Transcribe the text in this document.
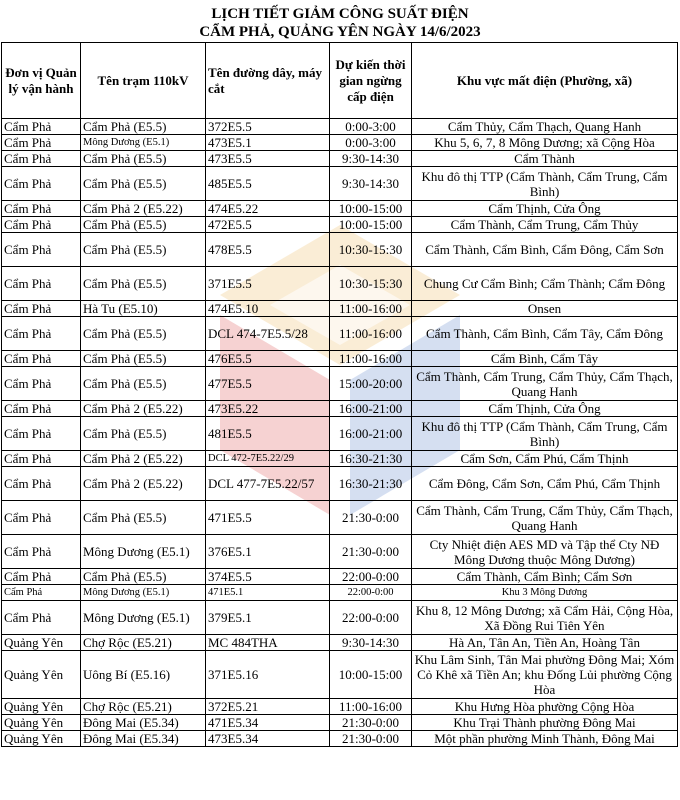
LỊCH TIẾT GIẢM CÔNG SUẤT ĐIỆN
CẨM PHẢ, QUẢNG YÊN NGÀY 14/6/2023
Đơn vị Quản lý vận hành	Tên trạm 110kV	Tên đường dây, máy cắt	Dự kiến thời gian ngừng cấp điện	Khu vực mất điện (Phường, xã)
Cẩm Phả	Cẩm Phả (E5.5)	372E5.5	0:00-3:00	Cẩm Thủy, Cẩm Thạch, Quang Hanh
Cẩm Phả	Mông Dương (E5.1)	473E5.1	0:00-3:00	Khu 5, 6, 7, 8 Mông Dương; xã Cộng Hòa
Cẩm Phả	Cẩm Phả (E5.5)	473E5.5	9:30-14:30	Cẩm Thành
Cẩm Phả	Cẩm Phả (E5.5)	485E5.5	9:30-14:30	Khu đô thị TTP (Cẩm Thành, Cẩm Trung, Cẩm Bình)
Cẩm Phả	Cẩm Phả 2 (E5.22)	474E5.22	10:00-15:00	Cẩm Thịnh, Cửa Ông
Cẩm Phả	Cẩm Phả (E5.5)	472E5.5	10:00-15:00	Cẩm Thành, Cẩm Trung, Cẩm Thủy
Cẩm Phả	Cẩm Phả (E5.5)	478E5.5	10:30-15:30	Cẩm Thành, Cẩm Bình, Cẩm Đông, Cẩm Sơn
Cẩm Phả	Cẩm Phả (E5.5)	371E5.5	10:30-15:30	Chung Cư Cẩm Bình; Cẩm Thành; Cẩm Đông
Cẩm Phả	Hà Tu (E5.10)	474E5.10	11:00-16:00	Onsen
Cẩm Phả	Cẩm Phả (E5.5)	DCL 474-7E5.5/28	11:00-16:00	Cẩm Thành, Cẩm Bình, Cẩm Tây, Cẩm Đông
Cẩm Phả	Cẩm Phả (E5.5)	476E5.5	11:00-16:00	Cẩm Bình, Cẩm Tây
Cẩm Phả	Cẩm Phả (E5.5)	477E5.5	15:00-20:00	Cẩm Thành, Cẩm Trung, Cẩm Thủy, Cẩm Thạch, Quang Hanh
Cẩm Phả	Cẩm Phả 2 (E5.22)	473E5.22	16:00-21:00	Cẩm Thịnh, Cửa Ông
Cẩm Phả	Cẩm Phả (E5.5)	481E5.5	16:00-21:00	Khu đô thị TTP (Cẩm Thành, Cẩm Trung, Cẩm Bình)
Cẩm Phả	Cẩm Phả 2 (E5.22)	DCL 472-7E5.22/29	16:30-21:30	Cẩm Sơn, Cẩm Phú, Cẩm Thịnh
Cẩm Phả	Cẩm Phả 2 (E5.22)	DCL 477-7E5.22/57	16:30-21:30	Cẩm Đông, Cẩm Sơn, Cẩm Phú, Cẩm Thịnh
Cẩm Phả	Cẩm Phả (E5.5)	471E5.5	21:30-0:00	Cẩm Thành, Cẩm Trung, Cẩm Thủy, Cẩm Thạch, Quang Hanh
Cẩm Phả	Mông Dương (E5.1)	376E5.1	21:30-0:00	Cty Nhiệt điện AES MD và Tập thể Cty NĐ Mông Dương thuộc Mông Dương)
Cẩm Phả	Cẩm Phả (E5.5)	374E5.5	22:00-0:00	Cẩm Thành, Cẩm Bình; Cẩm Sơn
Cẩm Phả	Mông Dương (E5.1)	471E5.1	22:00-0:00	Khu 3 Mông Dương
Cẩm Phả	Mông Dương (E5.1)	379E5.1	22:00-0:00	Khu 8, 12 Mông Dương; xã Cẩm Hải, Cộng Hòa, Xã Đồng Rui Tiên Yên
Quảng Yên	Chợ Rộc (E5.21)	MC 484THA	9:30-14:30	Hà An, Tân An, Tiền An, Hoàng Tân
Quảng Yên	Uông Bí (E5.16)	371E5.16	10:00-15:00	Khu Lâm Sinh, Tân Mai phường Đông Mai; Xóm Cỏ Khê xã Tiền An; khu Đống Lủi phường Cộng Hòa
Quảng Yên	Chợ Rộc (E5.21)	372E5.21	11:00-16:00	Khu Hưng Hòa phường Cộng Hòa
Quảng Yên	Đông Mai (E5.34)	471E5.34	21:30-0:00	Khu Trại Thành phường Đông Mai
Quảng Yên	Đông Mai (E5.34)	473E5.34	21:30-0:00	Một phần phường Minh Thành, Đông Mai
